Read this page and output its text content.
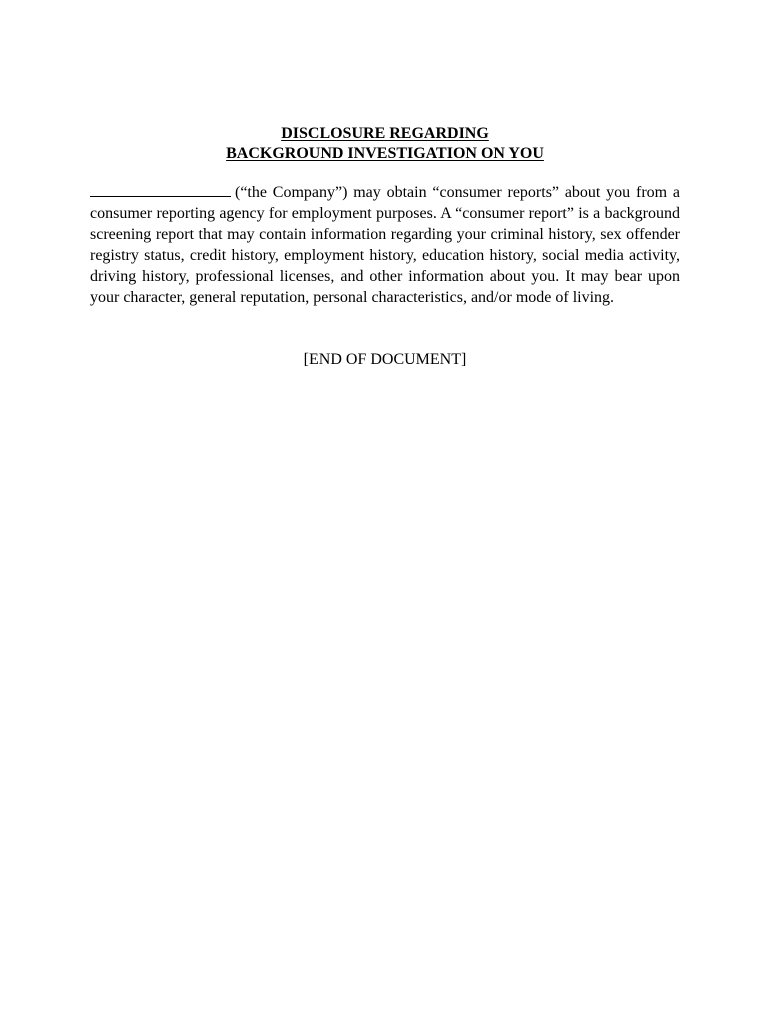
DISCLOSURE REGARDING
BACKGROUND INVESTIGATION ON YOU
(“the Company”) may obtain “consumer reports” about you from a consumer reporting agency for employment purposes. A “consumer report” is a background screening report that may contain information regarding your criminal history, sex offender registry status, credit history, employment history, education history, social media activity, driving history, professional licenses, and other information about you. It may bear upon your character, general reputation, personal characteristics, and/or mode of living.
[END OF DOCUMENT]
